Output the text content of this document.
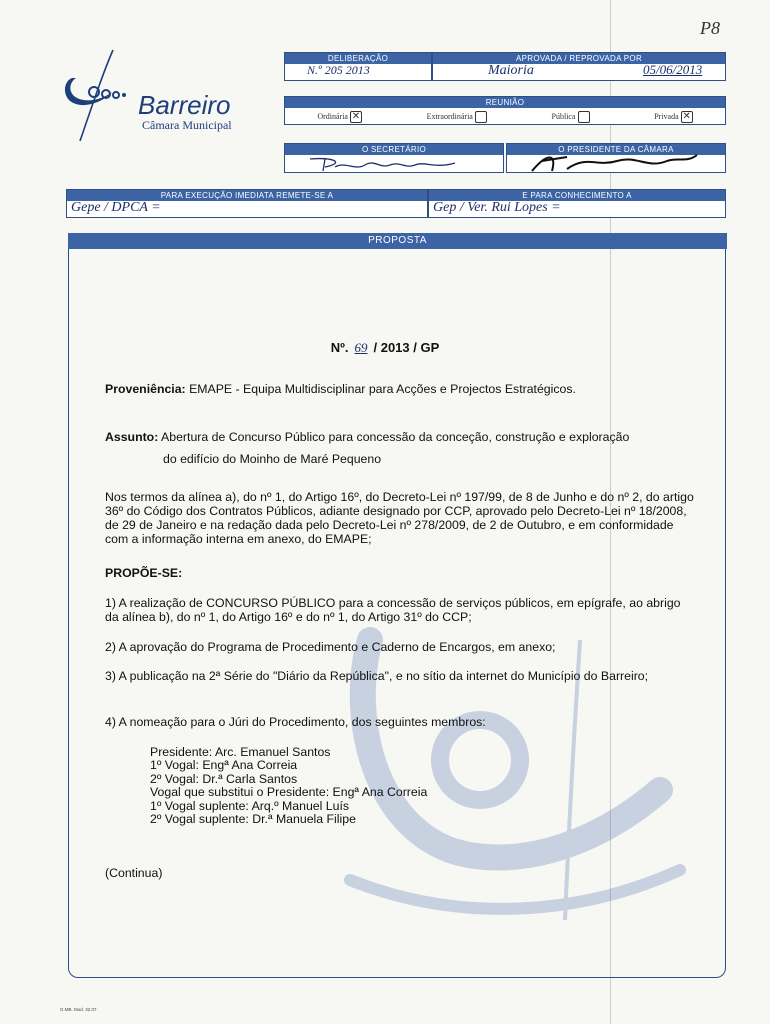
P8
Barreiro
Câmara Municipal
DELIBERAÇÃO
N.º 205 2013
APROVADA / REPROVADA POR
Maioria	05/06/2013
REUNIÃO
Ordinária ✕	Extraordinária	Pública	Privada ✕
O SECRETÁRIO	O PRESIDENTE DA CÂMARA
PARA EXECUÇÃO IMEDIATA REMETE-SE A
Gepe / DPCA =
E PARA CONHECIMENTO A
Gep / Ver. Rui Lopes =
PROPOSTA
Nº. 69 / 2013 / GP
Proveniência: EMAPE - Equipa Multidisciplinar para Acções e Projectos Estratégicos.
Assunto: Abertura de Concurso Público para concessão da conceção, construção e exploração
do edifício do Moinho de Maré Pequeno
Nos termos da alínea a), do nº 1, do Artigo 16º, do Decreto-Lei nº 197/99, de 8 de Junho e do nº 2, do artigo 36º do Código dos Contratos Públicos, adiante designado por CCP, aprovado pelo Decreto-Lei nº 18/2008, de 29 de Janeiro e na redação dada pelo Decreto-Lei nº 278/2009, de 2 de Outubro, e em conformidade com a informação interna em anexo, do EMAPE;
PROPÕE-SE:
1) A realização de CONCURSO PÚBLICO para a concessão de serviços públicos, em epígrafe, ao abrigo da alínea b), do nº 1, do Artigo 16º e do nº 1, do Artigo 31º do CCP;
2) A aprovação do Programa de Procedimento e Caderno de Encargos, em anexo;
3) A publicação na 2ª Série do "Diário da República", e no sítio da internet do Município do Barreiro;
4) A nomeação para o Júri do Procedimento, dos seguintes membros:
Presidente: Arc. Emanuel Santos
1º Vogal: Engª Ana Correia
2º Vogal: Dr.ª Carla Santos
Vogal que substitui o Presidente: Engª Ana Correia
1º Vogal suplente: Arq.º Manuel Luís
2º Vogal suplente: Dr.ª Manuela Filipe
(Continua)
G.MB. Mod. 32.07
